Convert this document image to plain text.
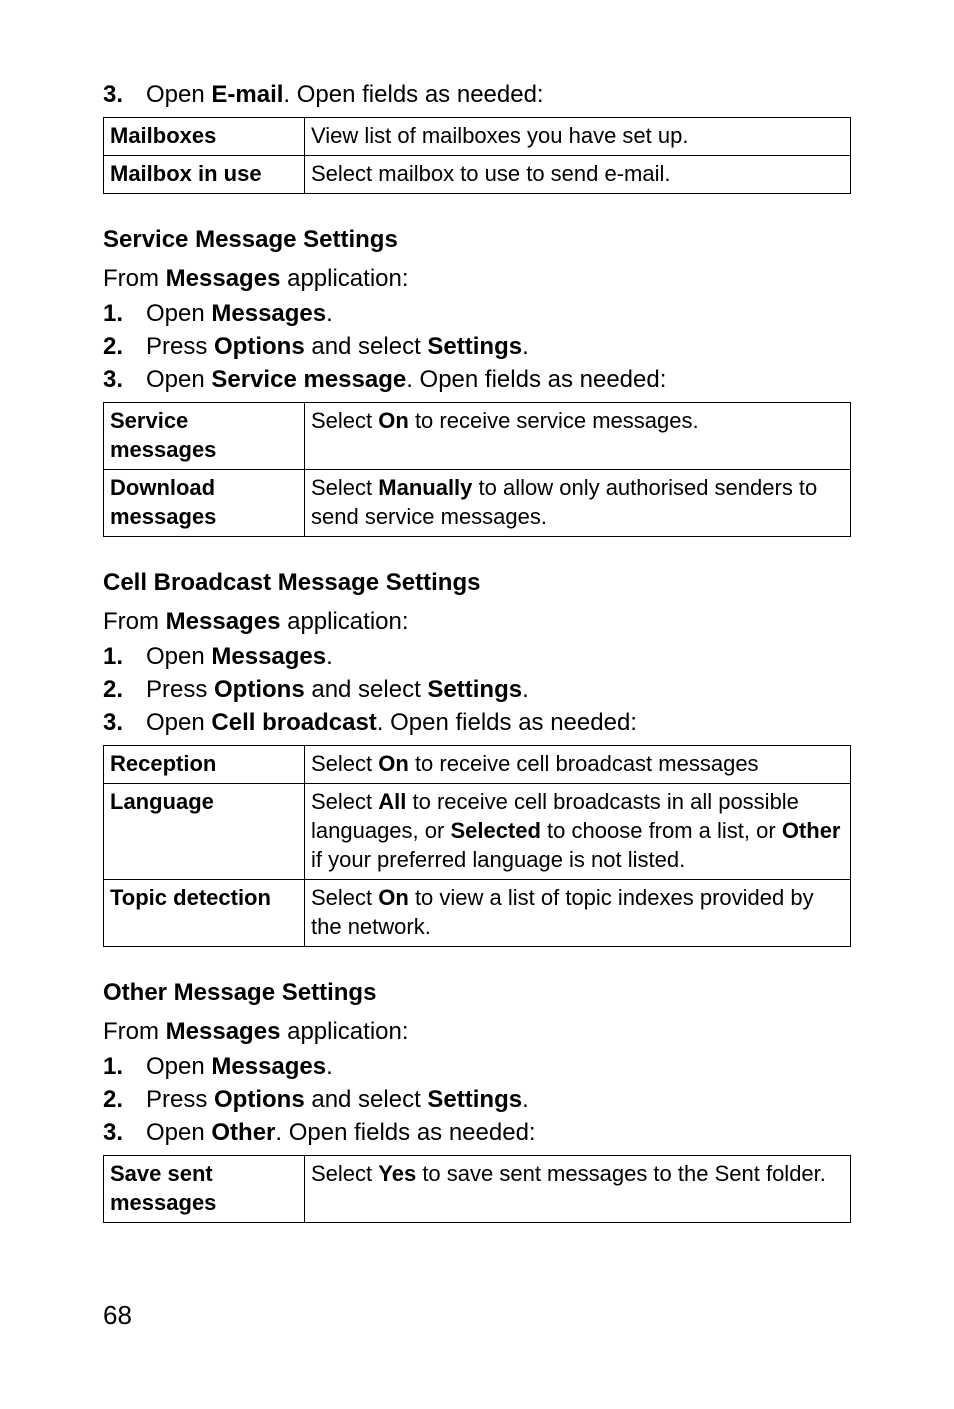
3. Open E-mail. Open fields as needed:
Mailboxes	View list of mailboxes you have set up.
Mailbox in use	Select mailbox to use to send e-mail.
Service Message Settings
From Messages application:
1. Open Messages.
2. Press Options and select Settings.
3. Open Service message. Open fields as needed:
Service messages	Select On to receive service messages.
Download messages	Select Manually to allow only authorised senders to send service messages.
Cell Broadcast Message Settings
From Messages application:
1. Open Messages.
2. Press Options and select Settings.
3. Open Cell broadcast. Open fields as needed:
Reception	Select On to receive cell broadcast messages
Language	Select All to receive cell broadcasts in all possible languages, or Selected to choose from a list, or Other if your preferred language is not listed.
Topic detection	Select On to view a list of topic indexes provided by the network.
Other Message Settings
From Messages application:
1. Open Messages.
2. Press Options and select Settings.
3. Open Other. Open fields as needed:
Save sent messages	Select Yes to save sent messages to the Sent folder.
68
